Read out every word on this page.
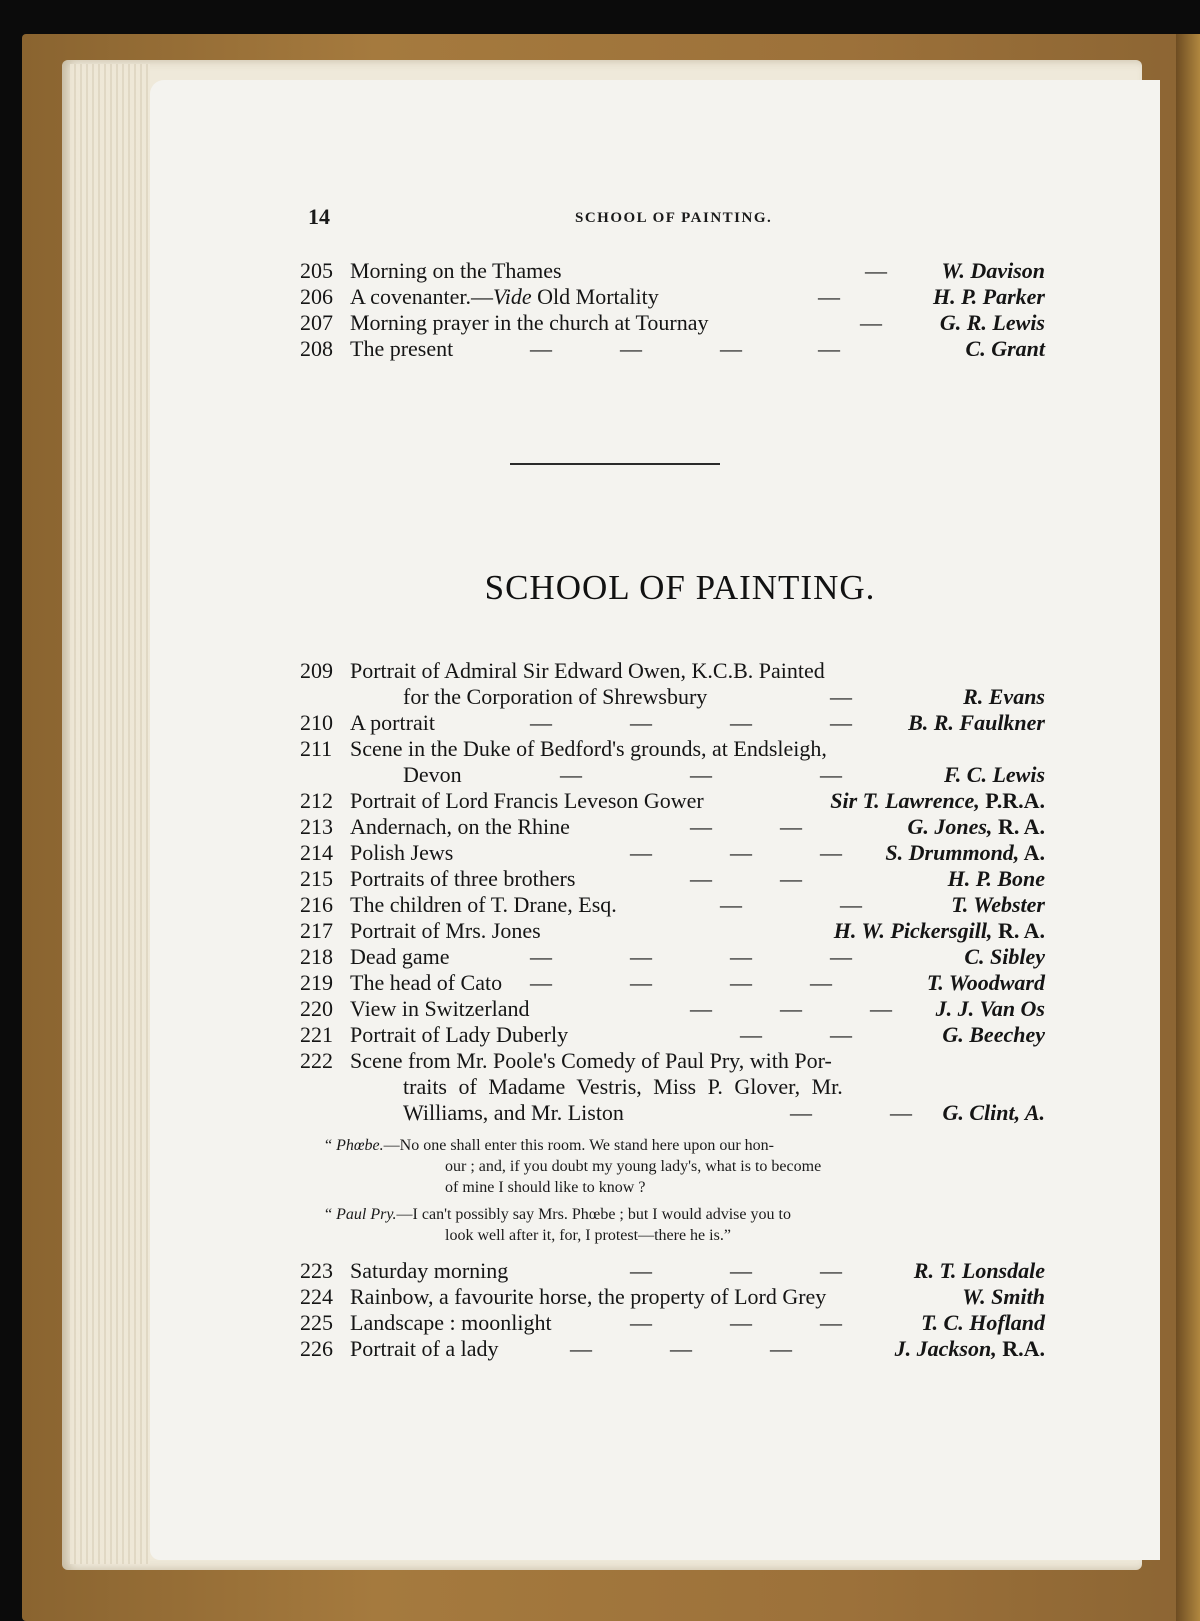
14	SCHOOL OF PAINTING.
205 Morning on the Thames	— W. Davison
206 A covenanter.—Vide Old Mortality	—	H. P. Parker
207 Morning prayer in the church at Tournay	—	G. R. Lewis
208 The present	—	—	—	—	C. Grant
SCHOOL OF PAINTING.
209 Portrait of Admiral Sir Edward Owen, K.C.B. Painted
for the Corporation of Shrewsbury	—	R. Evans
210 A portrait	—	—	—	—	B. R. Faulkner
211 Scene in the Duke of Bedford's grounds, at Endsleigh,
Devon	—	—	—	F. C. Lewis
212 Portrait of Lord Francis Leveson Gower	Sir T. Lawrence, P.R.A.
213 Andernach, on the Rhine	—	—	G. Jones, R. A.
214 Polish Jews	—	—	— S. Drummond, A.
215 Portraits of three brothers	—	—	H. P. Bone
216 The children of T. Drane, Esq.	—	—	T. Webster
217 Portrait of Mrs. Jones	H. W. Pickersgill, R. A.
218 Dead game	—	—	—	—	C. Sibley
219 The head of Cato —	—	—	—	T. Woodward
220 View in Switzerland	—	—	— J. J. Van Os
221 Portrait of Lady Duberly	—	—	G. Beechey
222 Scene from Mr. Poole's Comedy of Paul Pry, with Por-
traits of Madame Vestris, Miss P. Glover, Mr.
Williams, and Mr. Liston	—	— G. Clint, A.
“ Phœbe.—No one shall enter this room. We stand here upon our hon-
our ; and, if you doubt my young lady's, what is to become
of mine I should like to know ?
“ Paul Pry.—I can't possibly say Mrs. Phœbe ; but I would advise you to
look well after it, for, I protest—there he is.”
223 Saturday morning	—	—	—	R. T. Lonsdale
224 Rainbow, a favourite horse, the property of Lord Grey	W. Smith
225 Landscape : moonlight	—	—	—	T. C. Hofland
226 Portrait of a lady	—	—	—	J. Jackson, R.A.
